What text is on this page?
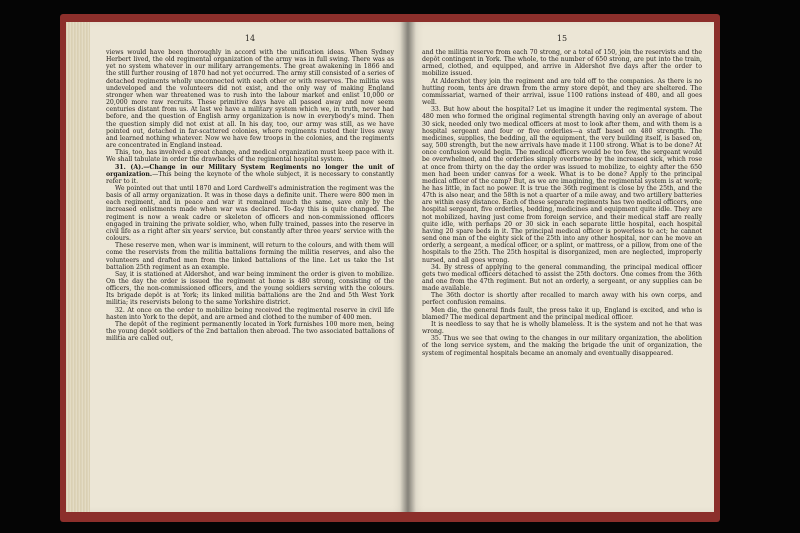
14

views would have been thoroughly in accord with the unification ideas. When Sydney Herbert lived, the old regimental organization of the army was in full swing. There was as yet no system whatever in our military arrangements. The great awakening in 1866 and the still further rousing of 1870 had not yet occurred. The army still consisted of a series of detached regiments wholly unconnected with each other or with reserves. The militia was undeveloped and the volunteers did not exist, and the only way of making England stronger when war threatened was to rush into the labour market and enlist 10,000 or 20,000 more raw recruits. These primitive days have all passed away and now seem centuries distant from us. At last we have a military system which we, in truth, never had before, and the question of English army organization is now in everybody's mind. Then the question simply did not exist at all. In his day, too, our army was still, as we have pointed out, detached in far-scattered colonies, where regiments rusted their lives away and learned nothing whatever. Now we have few troops in the colonies, and the regiments are concentrated in England instead.

This, too, has involved a great change, and medical organization must keep pace with it. We shall tabulate in order the drawbacks of the regimental hospital system.

31. (A).—Change in our Military System Regiments no longer the unit of organization.—This being the keynote of the whole subject, it is necessary to constantly refer to it.

We pointed out that until 1870 and Lord Cardwell's administration the regiment was the basis of all army organization. It was in those days a definite unit. There were 800 men in each regiment, and in peace and war it remained much the same, save only by the increased enlistments made when war was declared. To-day this is quite changed. The regiment is now a weak cadre or skeleton of officers and non-commissioned officers engaged in training the private soldier, who, when fully trained, passes into the reserve in civil life as a right after six years' service, but constantly after three years' service with the colours.

These reserve men, when war is imminent, will return to the colours, and with them will come the reservists from the militia battalions forming the militia reserves, and also the volunteers and drafted men from the linked battalions of the line. Let us take the 1st battalion 25th regiment as an example.

Say, it is stationed at Aldershot, and war being imminent the order is given to mobilize. On the day the order is issued the regiment at home is 480 strong, consisting of the officers, the non-commissioned officers, and the young soldiers serving with the colours. Its brigade depôt is at York; its linked militia battalions are the 2nd and 5th West York militia; its reservists belong to the same Yorkshire district.

32. At once on the order to mobilize being received the regimental reserve in civil life hasten into York to the depôt, and are armed and clothed to the number of 400 men.

The depôt of the regiment permanently located in York furnishes 100 more men, being the young depôt soldiers of the 2nd battalion then abroad. The two associated battalions of militia are called out,

15

and the militia reserve from each 70 strong, or a total of 150, join the reservists and the depôt contingent in York. The whole, to the number of 650 strong, are put into the train, armed, clothed, and equipped, and arrive in Aldershot five days after the order to mobilize issued.

At Aldershot they join the regiment and are told off to the companies. As there is no hutting room, tents are drawn from the army store depôt, and they are sheltered. The commissariat, warned of their arrival, issue 1100 rations instead of 480, and all goes well.

33. But how about the hospital? Let us imagine it under the regimental system. The 480 men who formed the original regimental strength having only an average of about 30 sick, needed only two medical officers at most to look after them, and with them is a hospital sergeant and four or five orderlies—a staff based on 480 strength. The medicines, supplies, the bedding, all the equipment, the very building itself, is based on, say, 500 strength, but the new arrivals have made it 1100 strong. What is to be done? At once confusion would begin. The medical officers would be too few, the sergeant would be overwhelmed, and the orderlies simply overborne by the increased sick, which rose at once from thirty on the day the order was issued to mobilize, to eighty after the 650 men had been under canvas for a week. What is to be done? Apply to the principal medical officer of the camp? But, as we are imagining, the regimental system is at work; he has little, in fact no power. It is true the 36th regiment is close by the 25th, and the 47th is also near, and the 58th is not a quarter of a mile away, and two artillery batteries are within easy distance. Each of these separate regiments has two medical officers, one hospital sergeant, five orderlies, bedding, medicines and equipment quite idle. They are not mobilized, having just come from foreign service, and their medical staff are really quite idle, with perhaps 20 or 30 sick in each separate little hospital, each hospital having 20 spare beds in it. The principal medical officer is powerless to act; he cannot send one man of the eighty sick of the 25th into any other hospital, nor can he move an orderly, a sergeant, a medical officer, or a splint, or mattress, or a pillow, from one of the hospitals to the 25th. The 25th hospital is disorganized, men are neglected, improperly nursed, and all goes wrong.

34. By stress of applying to the general commanding, the principal medical officer gets two medical officers detached to assist the 25th doctors. One comes from the 36th and one from the 47th regiment. But not an orderly, a sergeant, or any supplies can be made available.

The 36th doctor is shortly after recalled to march away with his own corps, and perfect confusion remains.

Men die, the general finds fault, the press take it up, England is excited, and who is blamed? The medical department and the principal medical officer.

It is needless to say that he is wholly blameless. It is the system and not he that was wrong.

35. Thus we see that owing to the changes in our military organization, the abolition of the long service system, and the making the brigade the unit of organization, the system of regimental hospitals became an anomaly and eventually disappeared.
